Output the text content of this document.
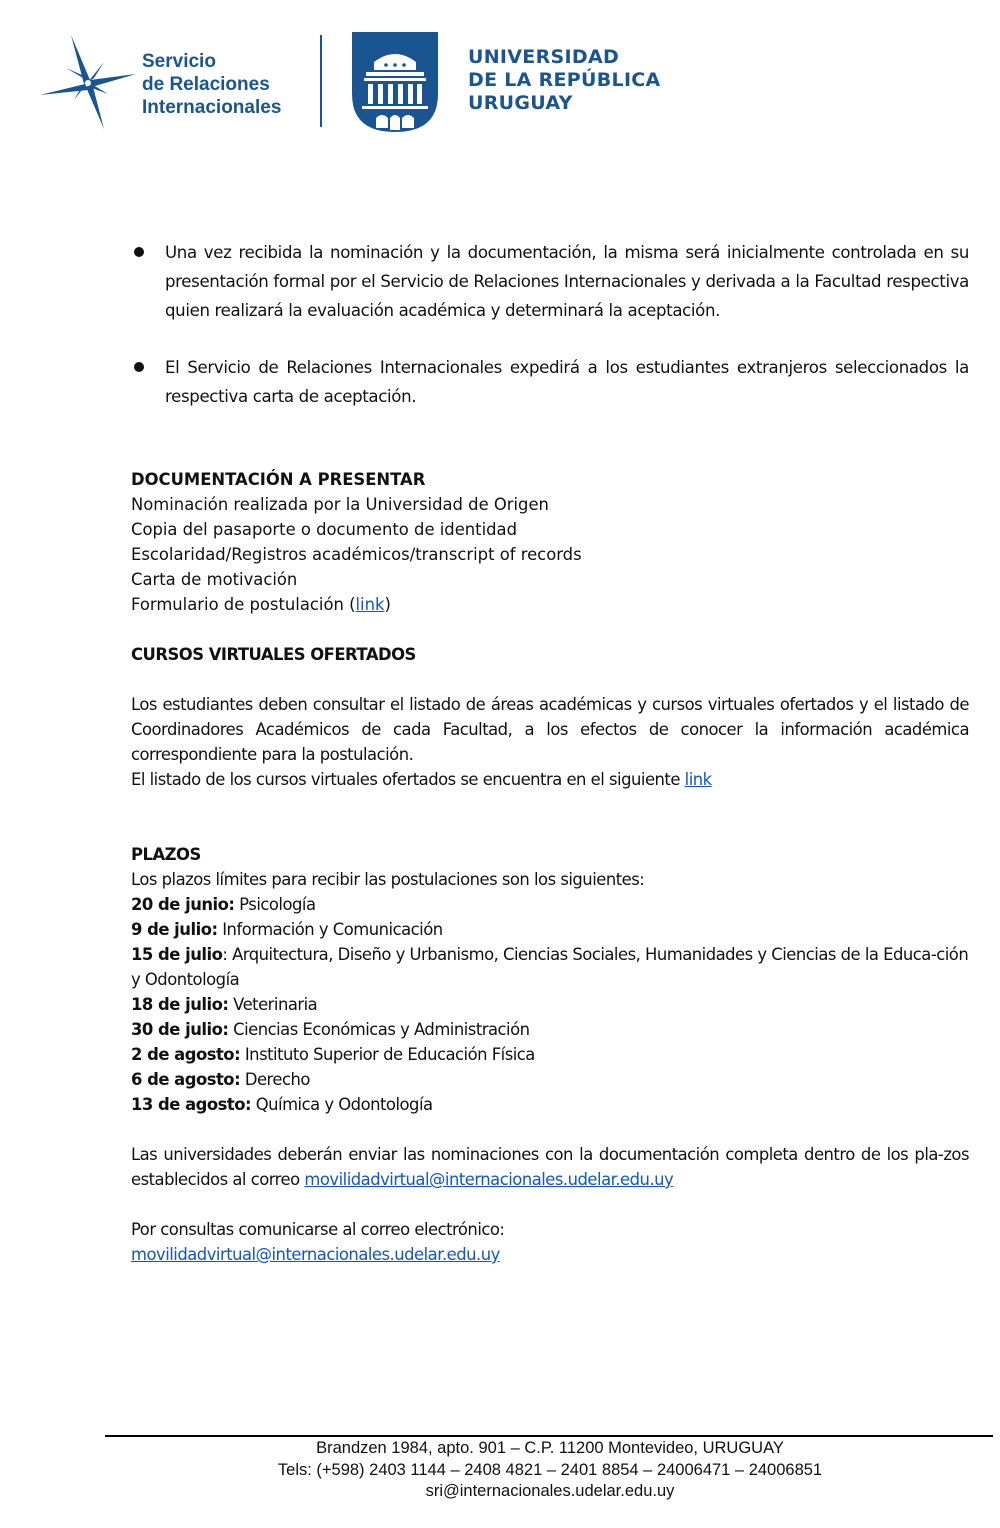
Servicio
de Relaciones
Internacionales
UNIVERSIDAD
DE LA REPÚBLICA
URUGUAY
Una vez recibida la nominación y la documentación, la misma será inicialmente controlada en su presentación formal por el Servicio de Relaciones Internacionales y derivada a la Facultad respectiva quien realizará la evaluación académica y determinará la aceptación.
El Servicio de Relaciones Internacionales expedirá a los estudiantes extranjeros seleccionados la respectiva carta de aceptación.
DOCUMENTACIÓN A PRESENTAR
Nominación realizada por la Universidad de Origen
Copia del pasaporte o documento de identidad
Escolaridad/Registros académicos/transcript of records
Carta de motivación
Formulario de postulación (link)
CURSOS VIRTUALES OFERTADOS
Los estudiantes deben consultar el listado de áreas académicas y cursos virtuales ofertados y el listado de Coordinadores Académicos de cada Facultad, a los efectos de conocer la información académica correspondiente para la postulación.
El listado de los cursos virtuales ofertados se encuentra en el siguiente link
PLAZOS
Los plazos límites para recibir las postulaciones son los siguientes:
20 de junio: Psicología
9 de julio: Información y Comunicación
15 de julio: Arquitectura, Diseño y Urbanismo, Ciencias Sociales, Humanidades y Ciencias de la Educa-ción y Odontología
18 de julio: Veterinaria
30 de julio: Ciencias Económicas y Administración
2 de agosto: Instituto Superior de Educación Física
6 de agosto: Derecho
13 de agosto: Química y Odontología
Las universidades deberán enviar las nominaciones con la documentación completa dentro de los pla-zos establecidos al correo movilidadvirtual@internacionales.udelar.edu.uy
Por consultas comunicarse al correo electrónico:
movilidadvirtual@internacionales.udelar.edu.uy
Brandzen 1984, apto. 901 – C.P. 11200 Montevideo, URUGUAY
Tels: (+598) 2403 1144 – 2408 4821 – 2401 8854 – 24006471 – 24006851
sri@internacionales.udelar.edu.uy
